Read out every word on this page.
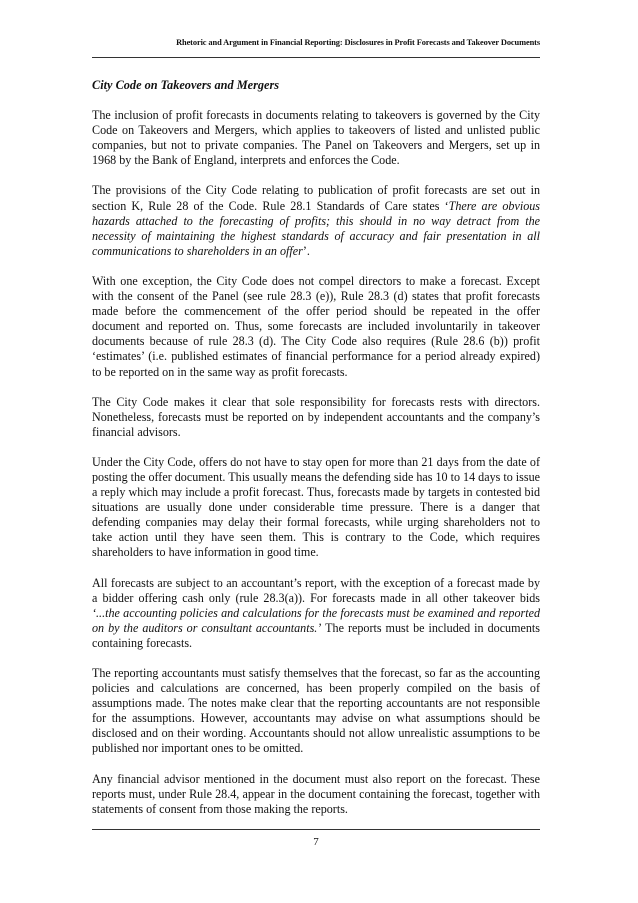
Rhetoric and Argument in Financial Reporting: Disclosures in Profit Forecasts and Takeover Documents
City Code on Takeovers and Mergers

The inclusion of profit forecasts in documents relating to takeovers is governed by the City Code on Takeovers and Mergers, which applies to takeovers of listed and unlisted public companies, but not to private companies. The Panel on Takeovers and Mergers, set up in 1968 by the Bank of England, interprets and enforces the Code.

The provisions of the City Code relating to publication of profit forecasts are set out in section K, Rule 28 of the Code. Rule 28.1 Standards of Care states ‘There are obvious hazards attached to the forecasting of profits; this should in no way detract from the necessity of maintaining the highest standards of accuracy and fair presentation in all communications to shareholders in an offer’.

With one exception, the City Code does not compel directors to make a forecast. Except with the consent of the Panel (see rule 28.3 (e)), Rule 28.3 (d) states that profit forecasts made before the commencement of the offer period should be repeated in the offer document and reported on. Thus, some forecasts are included involuntarily in takeover documents because of rule 28.3 (d). The City Code also requires (Rule 28.6 (b)) profit ‘estimates’ (i.e. published estimates of financial performance for a period already expired) to be reported on in the same way as profit forecasts.

The City Code makes it clear that sole responsibility for forecasts rests with directors. Nonetheless, forecasts must be reported on by independent accountants and the company’s financial advisors.

Under the City Code, offers do not have to stay open for more than 21 days from the date of posting the offer document. This usually means the defending side has 10 to 14 days to issue a reply which may include a profit forecast. Thus, forecasts made by targets in contested bid situations are usually done under considerable time pressure. There is a danger that defending companies may delay their formal forecasts, while urging shareholders not to take action until they have seen them. This is contrary to the Code, which requires shareholders to have information in good time.

All forecasts are subject to an accountant’s report, with the exception of a forecast made by a bidder offering cash only (rule 28.3(a)). For forecasts made in all other takeover bids ‘...the accounting policies and calculations for the forecasts must be examined and reported on by the auditors or consultant accountants.’ The reports must be included in documents containing forecasts.

The reporting accountants must satisfy themselves that the forecast, so far as the accounting policies and calculations are concerned, has been properly compiled on the basis of assumptions made. The notes make clear that the reporting accountants are not responsible for the assumptions. However, accountants may advise on what assumptions should be disclosed and on their wording. Accountants should not allow unrealistic assumptions to be published nor important ones to be omitted.

Any financial advisor mentioned in the document must also report on the forecast. These reports must, under Rule 28.4, appear in the document containing the forecast, together with statements of consent from those making the reports.

7
